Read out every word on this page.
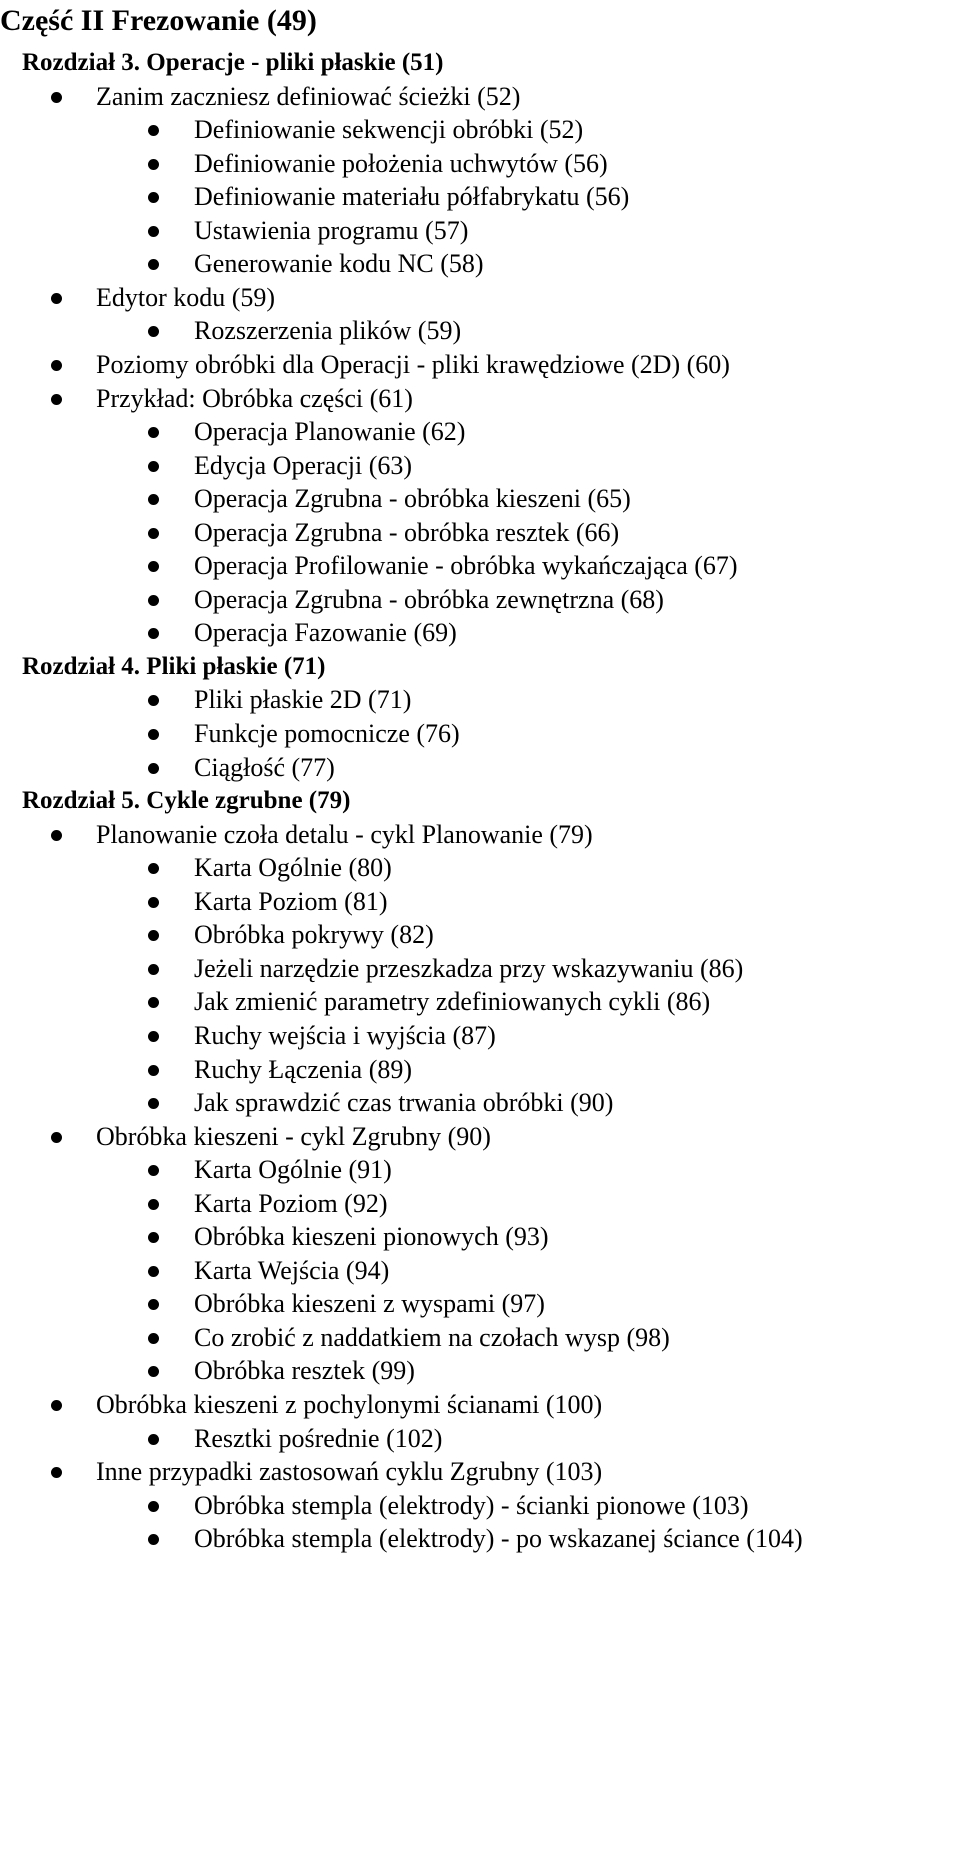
Część II Frezowanie (49)
Rozdział 3. Operacje - pliki płaskie (51)
Zanim zaczniesz definiować ścieżki (52)
Definiowanie sekwencji obróbki (52)
Definiowanie położenia uchwytów (56)
Definiowanie materiału półfabrykatu (56)
Ustawienia programu (57)
Generowanie kodu NC (58)
Edytor kodu (59)
Rozszerzenia plików (59)
Poziomy obróbki dla Operacji - pliki krawędziowe (2D) (60)
Przykład: Obróbka części (61)
Operacja Planowanie (62)
Edycja Operacji (63)
Operacja Zgrubna - obróbka kieszeni (65)
Operacja Zgrubna - obróbka resztek (66)
Operacja Profilowanie - obróbka wykańczająca (67)
Operacja Zgrubna - obróbka zewnętrzna (68)
Operacja Fazowanie (69)
Rozdział 4. Pliki płaskie (71)
Pliki płaskie 2D (71)
Funkcje pomocnicze (76)
Ciągłość (77)
Rozdział 5. Cykle zgrubne (79)
Planowanie czoła detalu - cykl Planowanie (79)
Karta Ogólnie (80)
Karta Poziom (81)
Obróbka pokrywy (82)
Jeżeli narzędzie przeszkadza przy wskazywaniu (86)
Jak zmienić parametry zdefiniowanych cykli (86)
Ruchy wejścia i wyjścia (87)
Ruchy Łączenia (89)
Jak sprawdzić czas trwania obróbki (90)
Obróbka kieszeni - cykl Zgrubny (90)
Karta Ogólnie (91)
Karta Poziom (92)
Obróbka kieszeni pionowych (93)
Karta Wejścia (94)
Obróbka kieszeni z wyspami (97)
Co zrobić z naddatkiem na czołach wysp (98)
Obróbka resztek (99)
Obróbka kieszeni z pochylonymi ścianami (100)
Resztki pośrednie (102)
Inne przypadki zastosowań cyklu Zgrubny (103)
Obróbka stempla (elektrody) - ścianki pionowe (103)
Obróbka stempla (elektrody) - po wskazanej ściance (104)
